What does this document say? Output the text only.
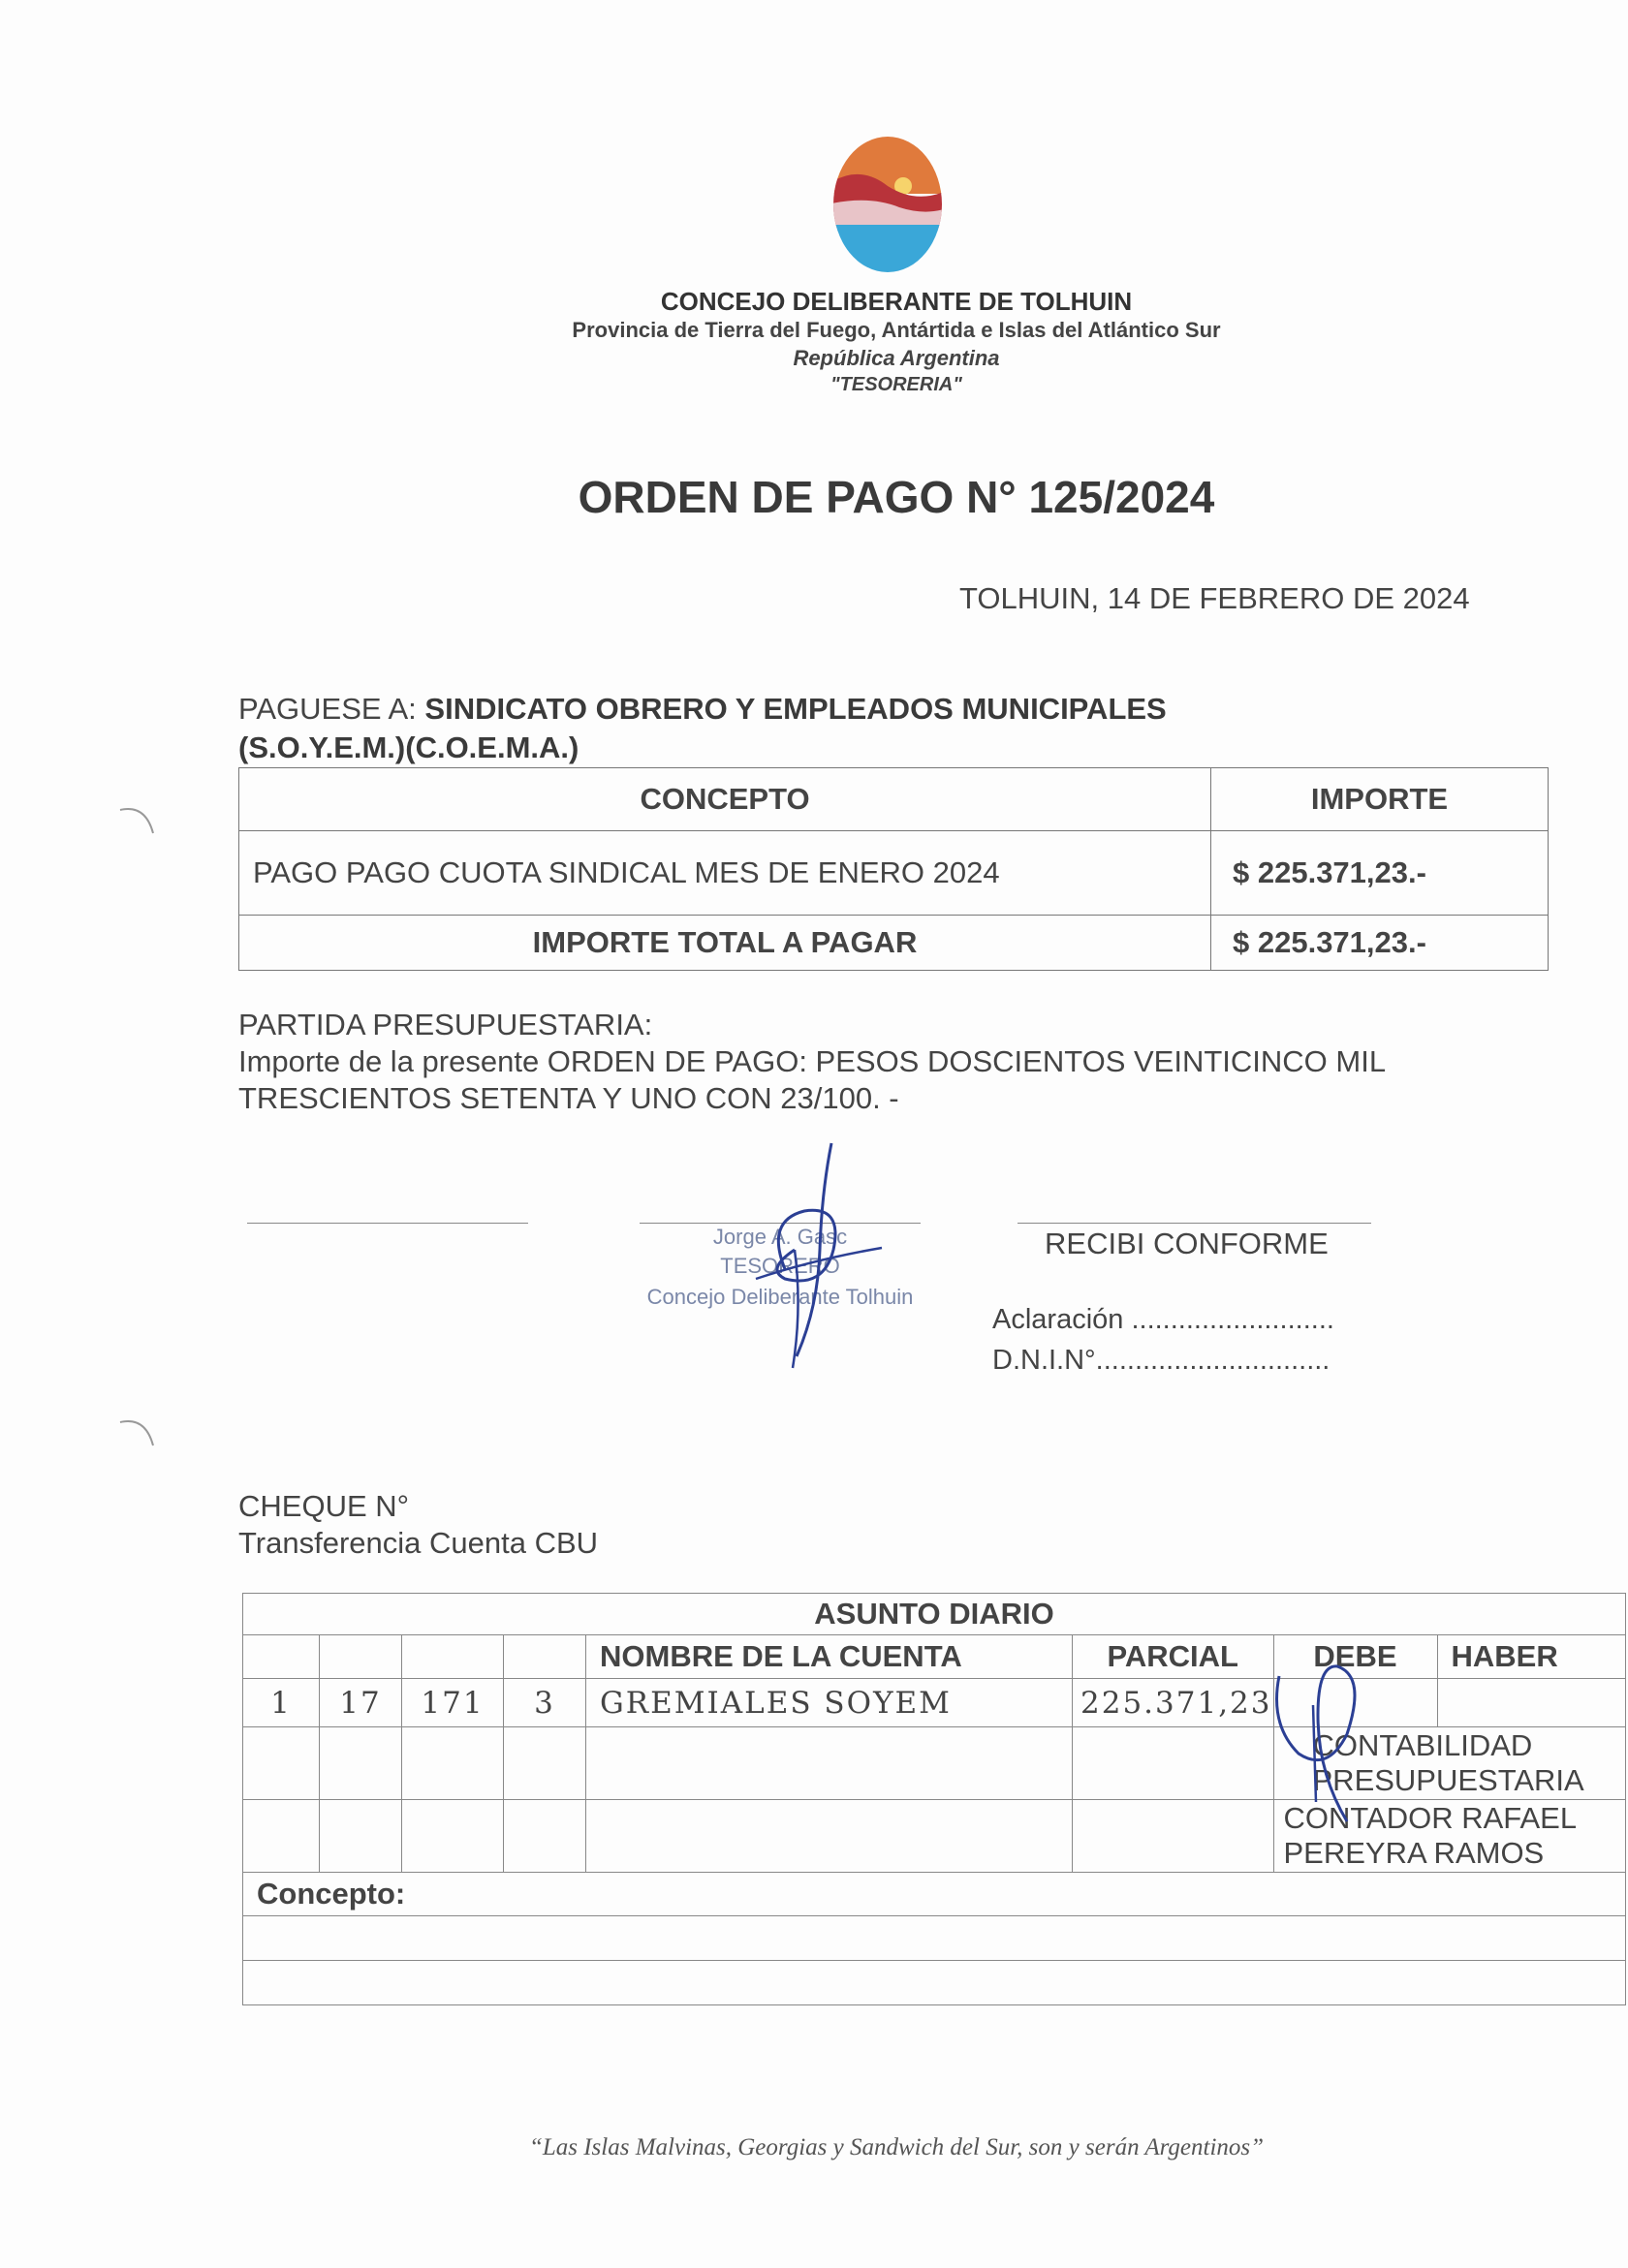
CONCEJO DELIBERANTE DE TOLHUIN
Provincia de Tierra del Fuego, Antártida e Islas del Atlántico Sur
República Argentina
"TESORERIA"
ORDEN DE PAGO N° 125/2024
TOLHUIN, 14 DE FEBRERO DE 2024
PAGUESE A: SINDICATO OBRERO Y EMPLEADOS MUNICIPALES
(S.O.Y.E.M.)(C.O.E.M.A.)
CONCEPTO	IMPORTE
PAGO PAGO CUOTA SINDICAL MES DE ENERO 2024	$ 225.371,23.-
IMPORTE TOTAL A PAGAR	$ 225.371,23.-
PARTIDA PRESUPUESTARIA:
Importe de la presente ORDEN DE PAGO: PESOS DOSCIENTOS VEINTICINCO MIL
TRESCIENTOS SETENTA Y UNO CON 23/100. -
Jorge A. Gasc
TESORERO
Concejo Deliberante Tolhuin
RECIBI CONFORME
Aclaración ..........................
D.N.I.N°..............................
CHEQUE N°
Transferencia Cuenta CBU
ASUNTO DIARIO							
				NOMBRE DE LA CUENTA	PARCIAL	DEBE	HABER
1	17	171	3	GREMIALES SOYEM	225.371,23		
						CONTABILIDAD PRESUPUESTARIA	
						CONTADOR RAFAEL PEREYRA RAMOS	
Concepto:							

“Las Islas Malvinas, Georgias y Sandwich del Sur, son y serán Argentinos”
